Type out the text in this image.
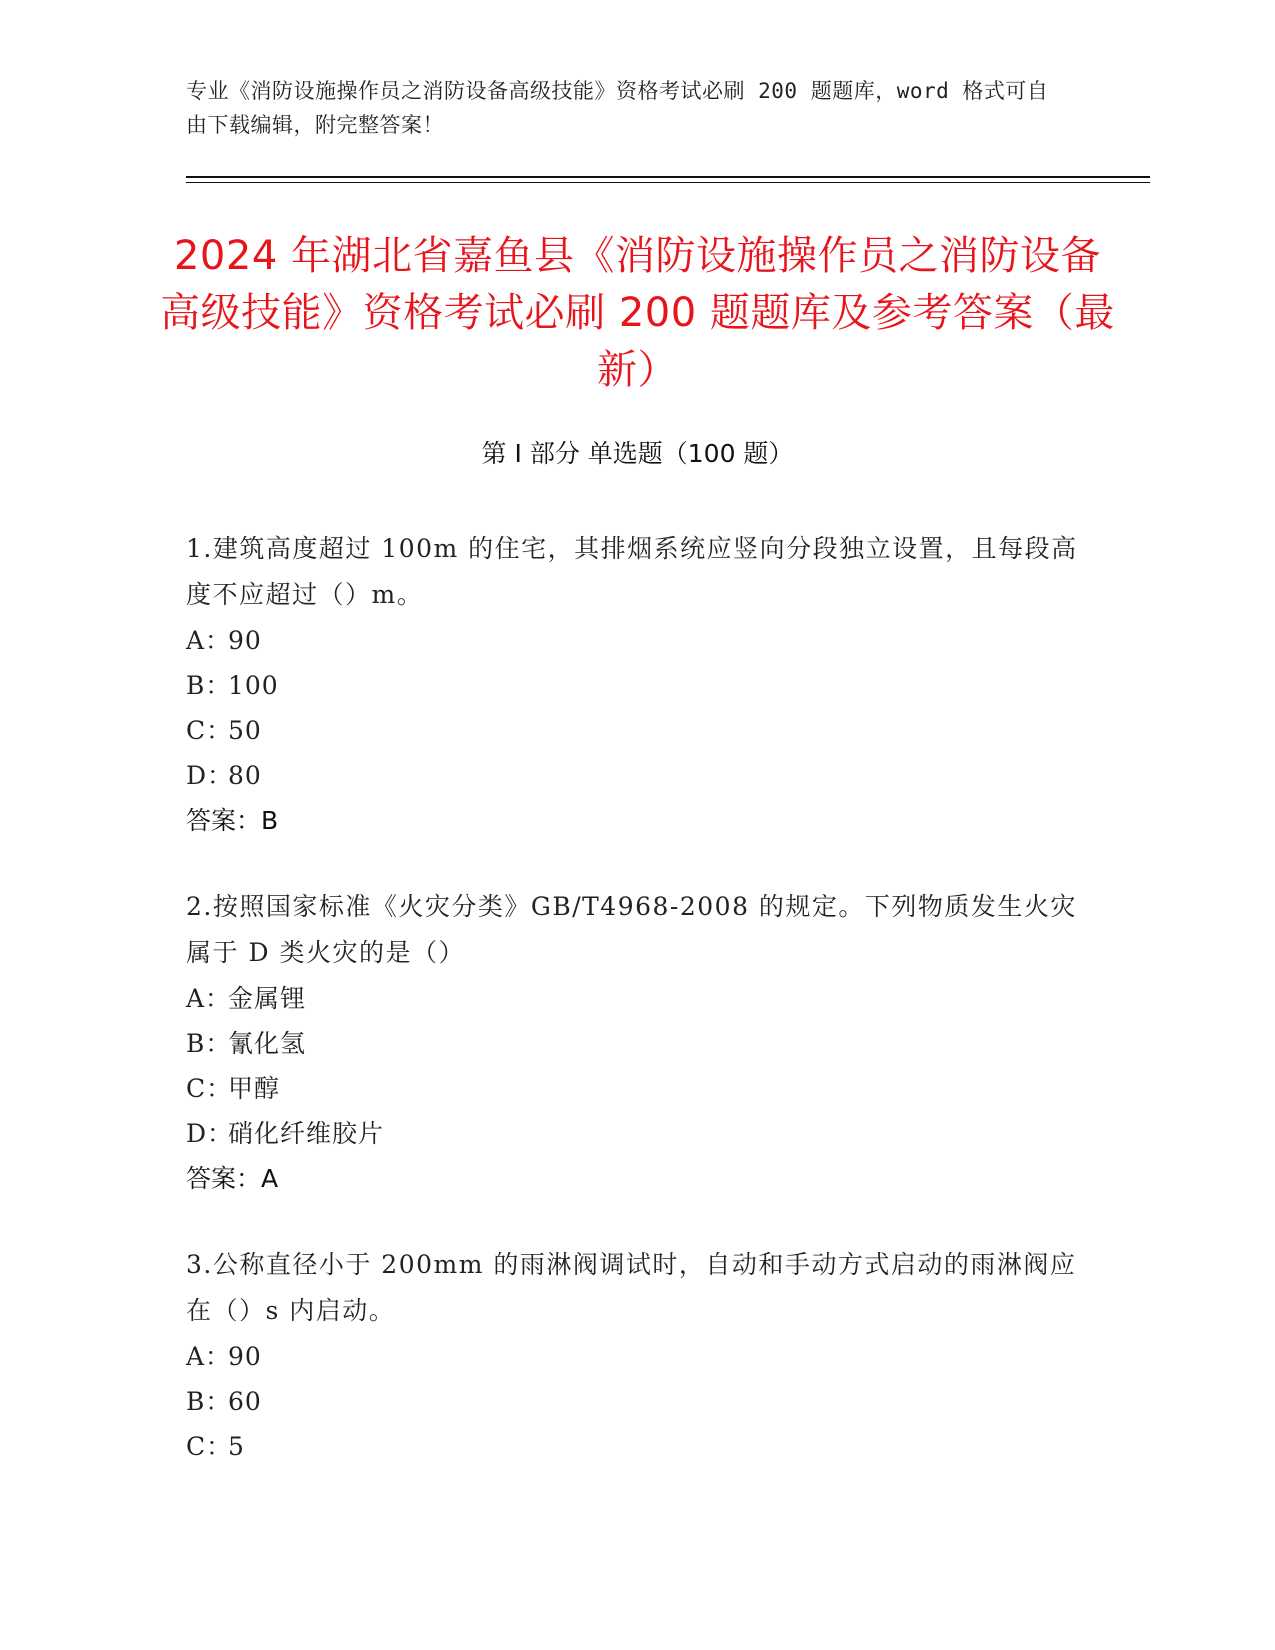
专业《消防设施操作员之消防设备高级技能》资格考试必刷 200 题题库，word 格式可自由下载编辑，附完整答案！
2024 年湖北省嘉鱼县《消防设施操作员之消防设备高级技能》资格考试必刷 200 题题库及参考答案（最新）
第 I 部分 单选题（100 题）
1.建筑高度超过 100m 的住宅，其排烟系统应竖向分段独立设置，且每段高度不应超过（）m。
A：90
B：100
C：50
D：80
答案：B
2.按照国家标准《火灾分类》GB/T4968-2008 的规定。下列物质发生火灾属于 D 类火灾的是（）
A：金属锂
B：氰化氢
C：甲醇
D：硝化纤维胶片
答案：A
3.公称直径小于 200mm 的雨淋阀调试时，自动和手动方式启动的雨淋阀应在（）s 内启动。
A：90
B：60
C：5
